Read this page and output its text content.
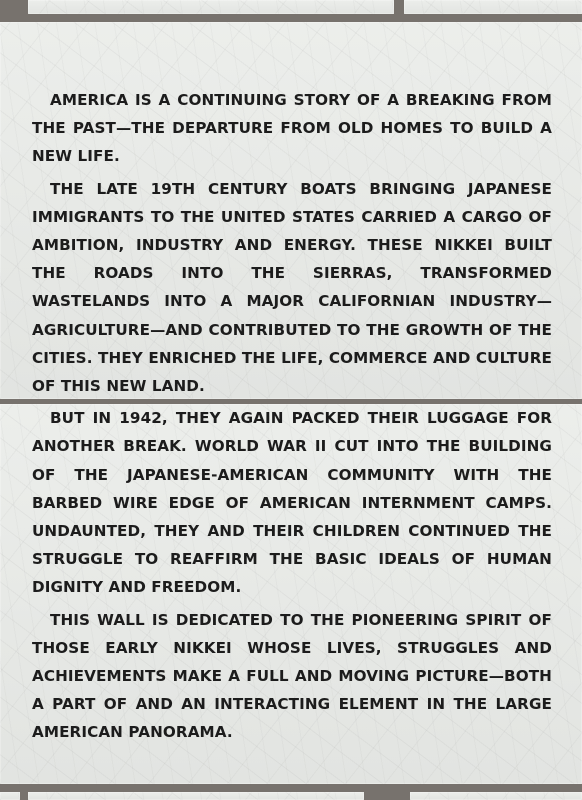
AMERICA IS A CONTINUING STORY OF A BREAKING FROM THE PAST—THE DEPARTURE FROM OLD HOMES TO BUILD A NEW LIFE.

THE LATE 19TH CENTURY BOATS BRINGING JAPANESE IMMIGRANTS TO THE UNITED STATES CARRIED A CARGO OF AMBITION, INDUSTRY AND ENERGY. THESE NIKKEI BUILT THE ROADS INTO THE SIERRAS, TRANSFORMED WASTELANDS INTO A MAJOR CALIFORNIAN INDUSTRY—AGRICULTURE—AND CONTRIBUTED TO THE GROWTH OF THE CITIES. THEY ENRICHED THE LIFE, COMMERCE AND CULTURE OF THIS NEW LAND.

BUT IN 1942, THEY AGAIN PACKED THEIR LUGGAGE FOR ANOTHER BREAK. WORLD WAR II CUT INTO THE BUILDING OF THE JAPANESE-AMERICAN COMMUNITY WITH THE BARBED WIRE EDGE OF AMERICAN INTERNMENT CAMPS. UNDAUNTED, THEY AND THEIR CHILDREN CONTINUED THE STRUGGLE TO REAFFIRM THE BASIC IDEALS OF HUMAN DIGNITY AND FREEDOM.

THIS WALL IS DEDICATED TO THE PIONEERING SPIRIT OF THOSE EARLY NIKKEI WHOSE LIVES, STRUGGLES AND ACHIEVEMENTS MAKE A FULL AND MOVING PICTURE—BOTH A PART OF AND AN INTERACTING ELEMENT IN THE LARGE AMERICAN PANORAMA.
